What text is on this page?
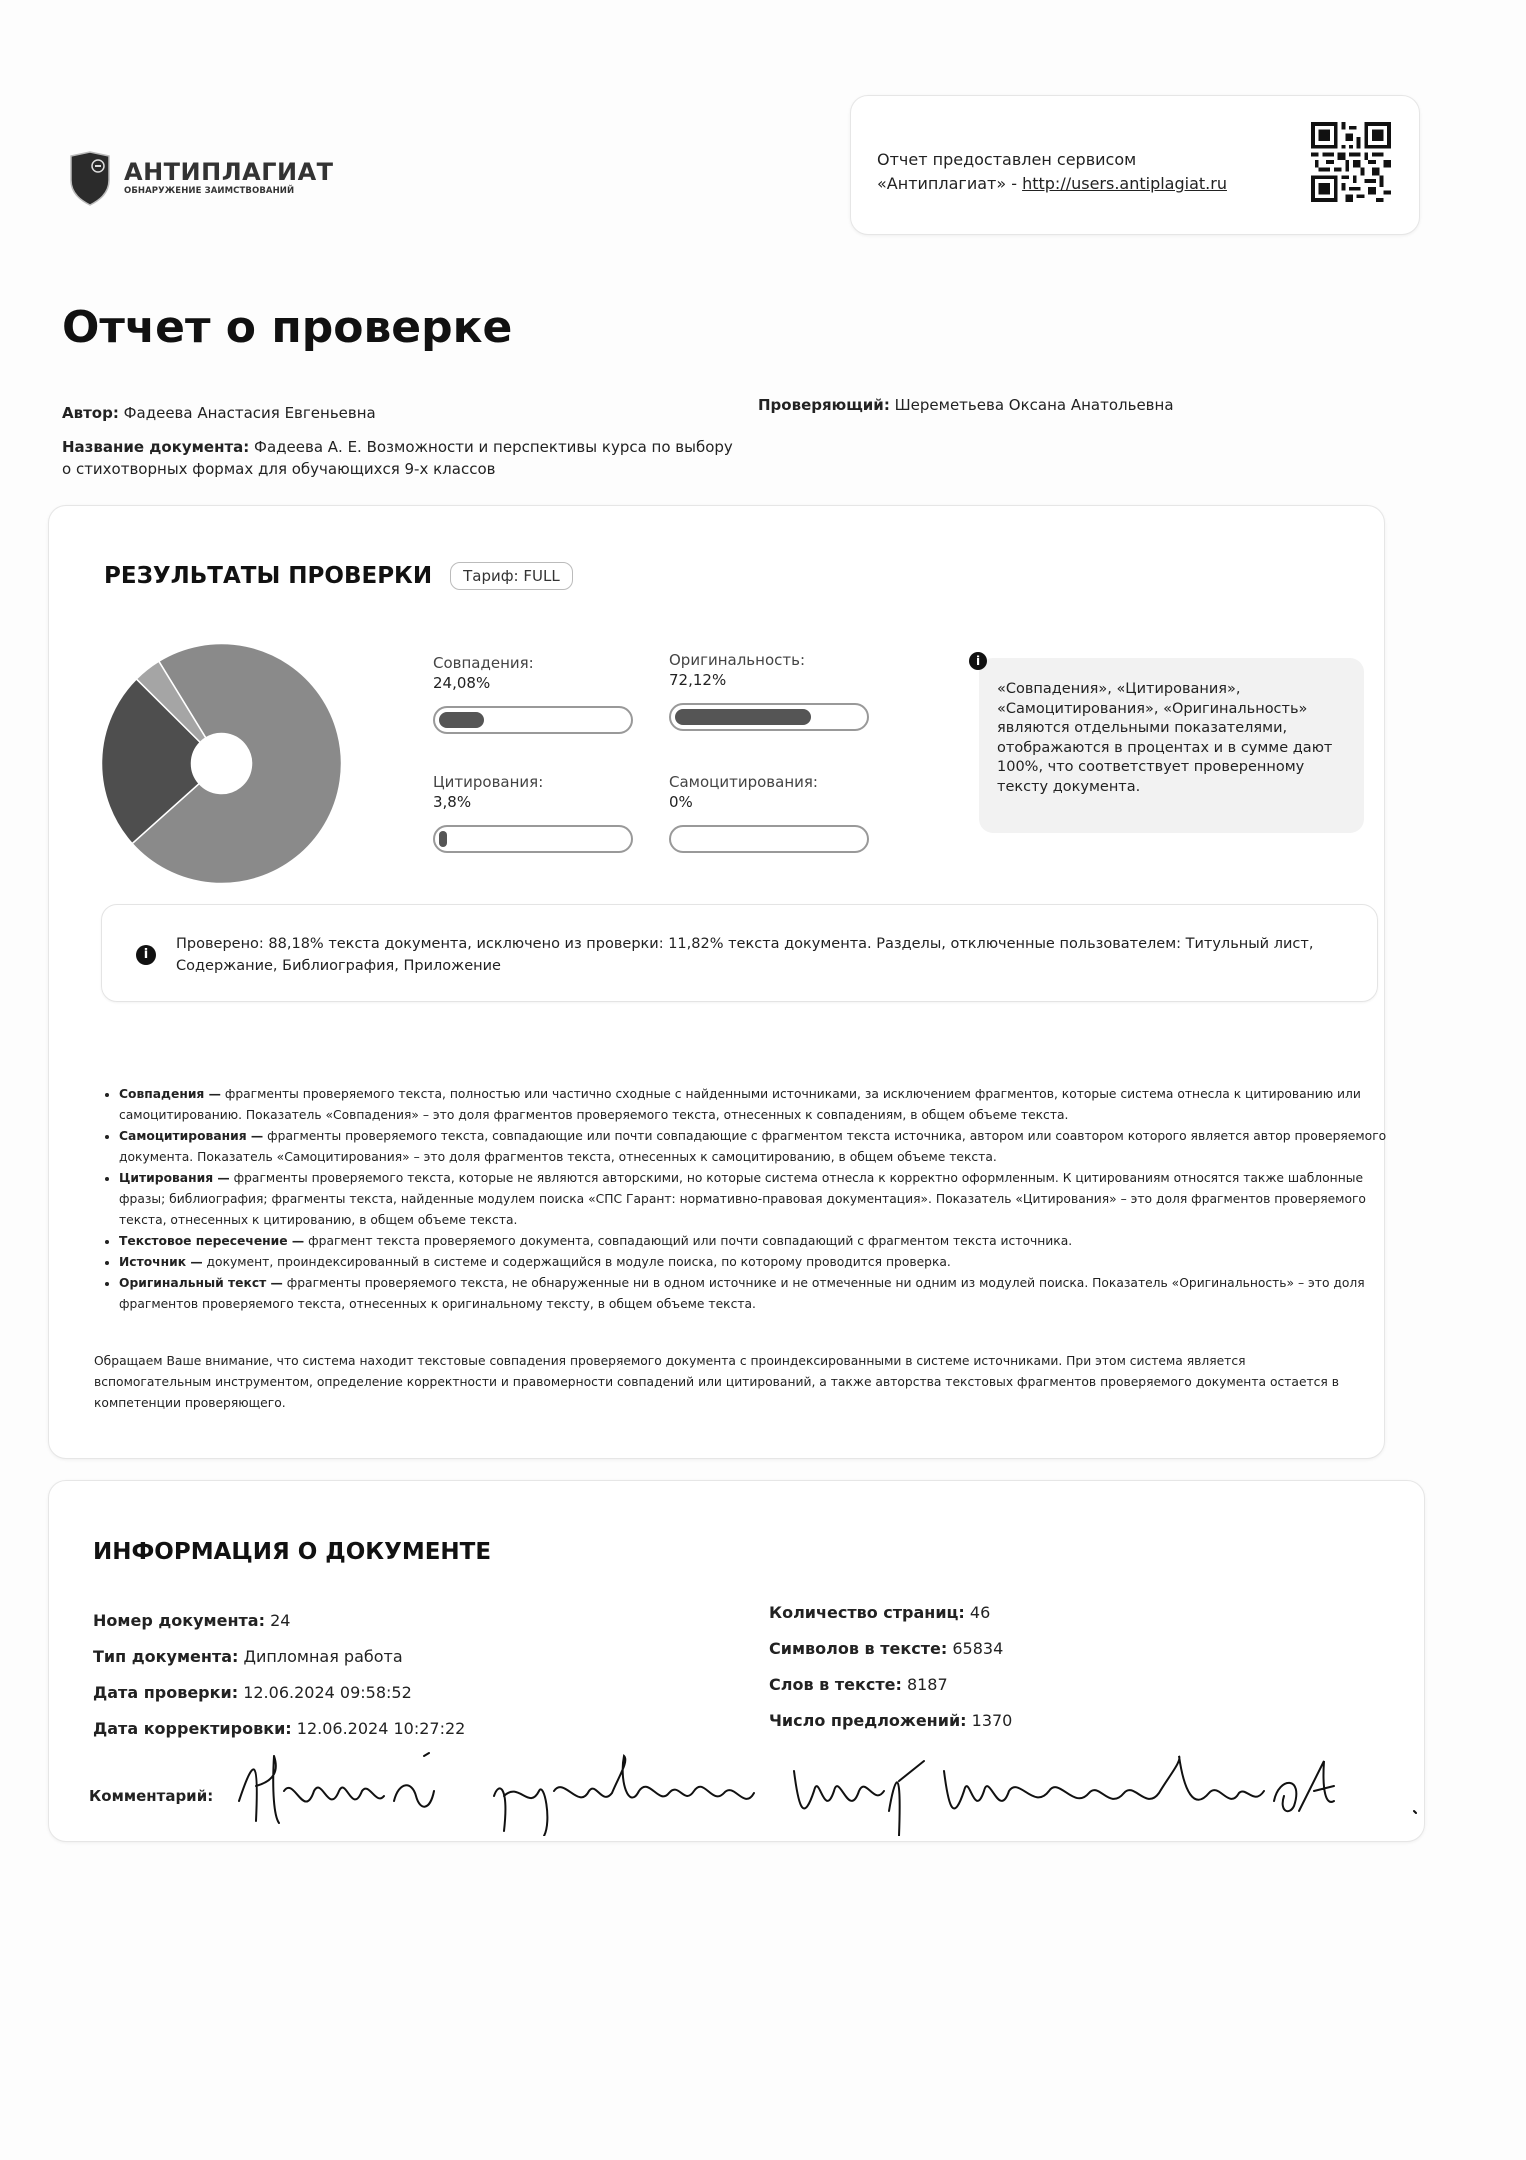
АНТИПЛАГИАТ
ОБНАРУЖЕНИЕ ЗАИМСТВОВАНИЙ
Отчет предоставлен сервисом
«Антиплагиат» - http://users.antiplagiat.ru
Отчет о проверке
Автор: Фадеева Анастасия Евгеньевна
Название документа: Фадеева А. Е. Возможности и перспективы курса по выбору о стихотворных формах для обучающихся 9-х классов
Проверяющий: Шереметьева Оксана Анатольевна
РЕЗУЛЬТАТЫ ПРОВЕРКИ	Тариф: FULL
Совпадения:
24,08%
Оригинальность:
72,12%
Цитирования:
3,8%
Самоцитирования:
0%
i
«Совпадения», «Цитирования», «Самоцитирования», «Оригинальность» являются отдельными показателями, отображаются в процентах и в сумме дают 100%, что соответствует проверенному тексту документа.
i
Проверено: 88,18% текста документа, исключено из проверки: 11,82% текста документа. Разделы, отключенные пользователем: Титульный лист, Содержание, Библиография, Приложение
• Совпадения — фрагменты проверяемого текста, полностью или частично сходные с найденными источниками, за исключением фрагментов, которые система отнесла к цитированию или самоцитированию. Показатель «Совпадения» – это доля фрагментов проверяемого текста, отнесенных к совпадениям, в общем объеме текста.
• Самоцитирования — фрагменты проверяемого текста, совпадающие или почти совпадающие с фрагментом текста источника, автором или соавтором которого является автор проверяемого документа. Показатель «Самоцитирования» – это доля фрагментов текста, отнесенных к самоцитированию, в общем объеме текста.
• Цитирования — фрагменты проверяемого текста, которые не являются авторскими, но которые система отнесла к корректно оформленным. К цитированиям относятся также шаблонные фразы; библиография; фрагменты текста, найденные модулем поиска «СПС Гарант: нормативно-правовая документация». Показатель «Цитирования» – это доля фрагментов проверяемого текста, отнесенных к цитированию, в общем объеме текста.
• Текстовое пересечение — фрагмент текста проверяемого документа, совпадающий или почти совпадающий с фрагментом текста источника.
• Источник — документ, проиндексированный в системе и содержащийся в модуле поиска, по которому проводится проверка.
• Оригинальный текст — фрагменты проверяемого текста, не обнаруженные ни в одном источнике и не отмеченные ни одним из модулей поиска. Показатель «Оригинальность» – это доля фрагментов проверяемого текста, отнесенных к оригинальному тексту, в общем объеме текста.
Обращаем Ваше внимание, что система находит текстовые совпадения проверяемого документа с проиндексированными в системе источниками. При этом система является вспомогательным инструментом, определение корректности и правомерности совпадений или цитирований, а также авторства текстовых фрагментов проверяемого документа остается в компетенции проверяющего.
ИНФОРМАЦИЯ О ДОКУМЕНТЕ
Номер документа: 24
Тип документа: Дипломная работа
Дата проверки: 12.06.2024 09:58:52
Дата корректировки: 12.06.2024 10:27:22
Количество страниц: 46
Символов в тексте: 65834
Слов в тексте: 8187
Число предложений: 1370
Комментарий:
